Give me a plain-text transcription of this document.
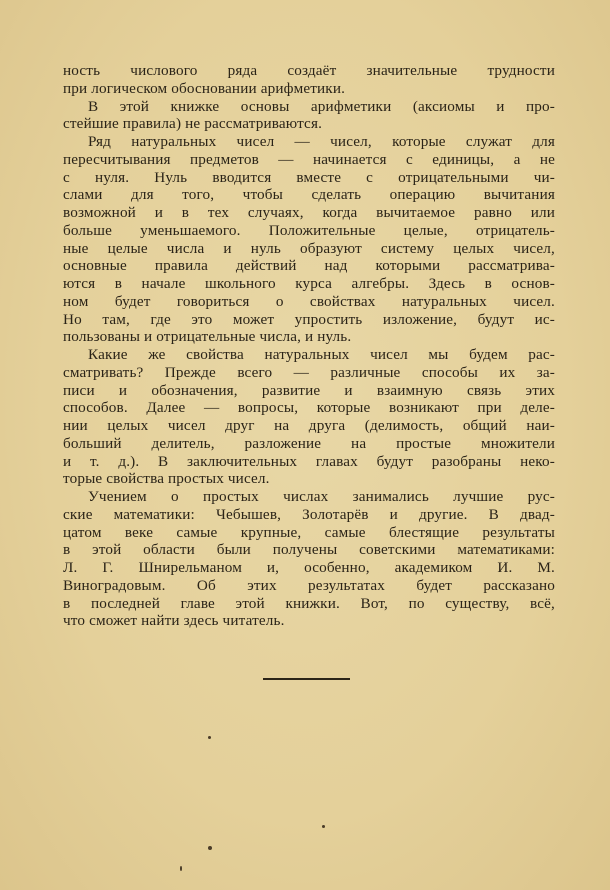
ность числового ряда создаёт значительные трудности
при логическом обосновании арифметики.
В этой книжке основы арифметики (аксиомы и про-
стейшие правила) не рассматриваются.
Ряд натуральных чисел — чисел, которые служат для
пересчитывания предметов — начинается с единицы, а не
с нуля. Нуль вводится вместе с отрицательными чи-
слами для того, чтобы сделать операцию вычитания
возможной и в тех случаях, когда вычитаемое равно или
больше уменьшаемого. Положительные целые, отрицатель-
ные целые числа и нуль образуют систему целых чисел,
основные правила действий над которыми рассматрива-
ются в начале школьного курса алгебры. Здесь в основ-
ном будет говориться о свойствах натуральных чисел.
Но там, где это может упростить изложение, будут ис-
пользованы и отрицательные числа, и нуль.
Какие же свойства натуральных чисел мы будем рас-
сматривать? Прежде всего — различные способы их за-
писи и обозначения, развитие и взаимную связь этих
способов. Далее — вопросы, которые возникают при деле-
нии целых чисел друг на друга (делимость, общий наи-
больший делитель, разложение на простые множители
и т. д.). В заключительных главах будут разобраны неко-
торые свойства простых чисел.
Учением о простых числах занимались лучшие рус-
ские математики: Чебышев, Золотарёв и другие. В двад-
цатом веке самые крупные, самые блестящие результаты
в этой области были получены советскими математиками:
Л. Г. Шнирельманом и, особенно, академиком И. М.
Виноградовым. Об этих результатах будет рассказано
в последней главе этой книжки. Вот, по существу, всё,
что сможет найти здесь читатель.
